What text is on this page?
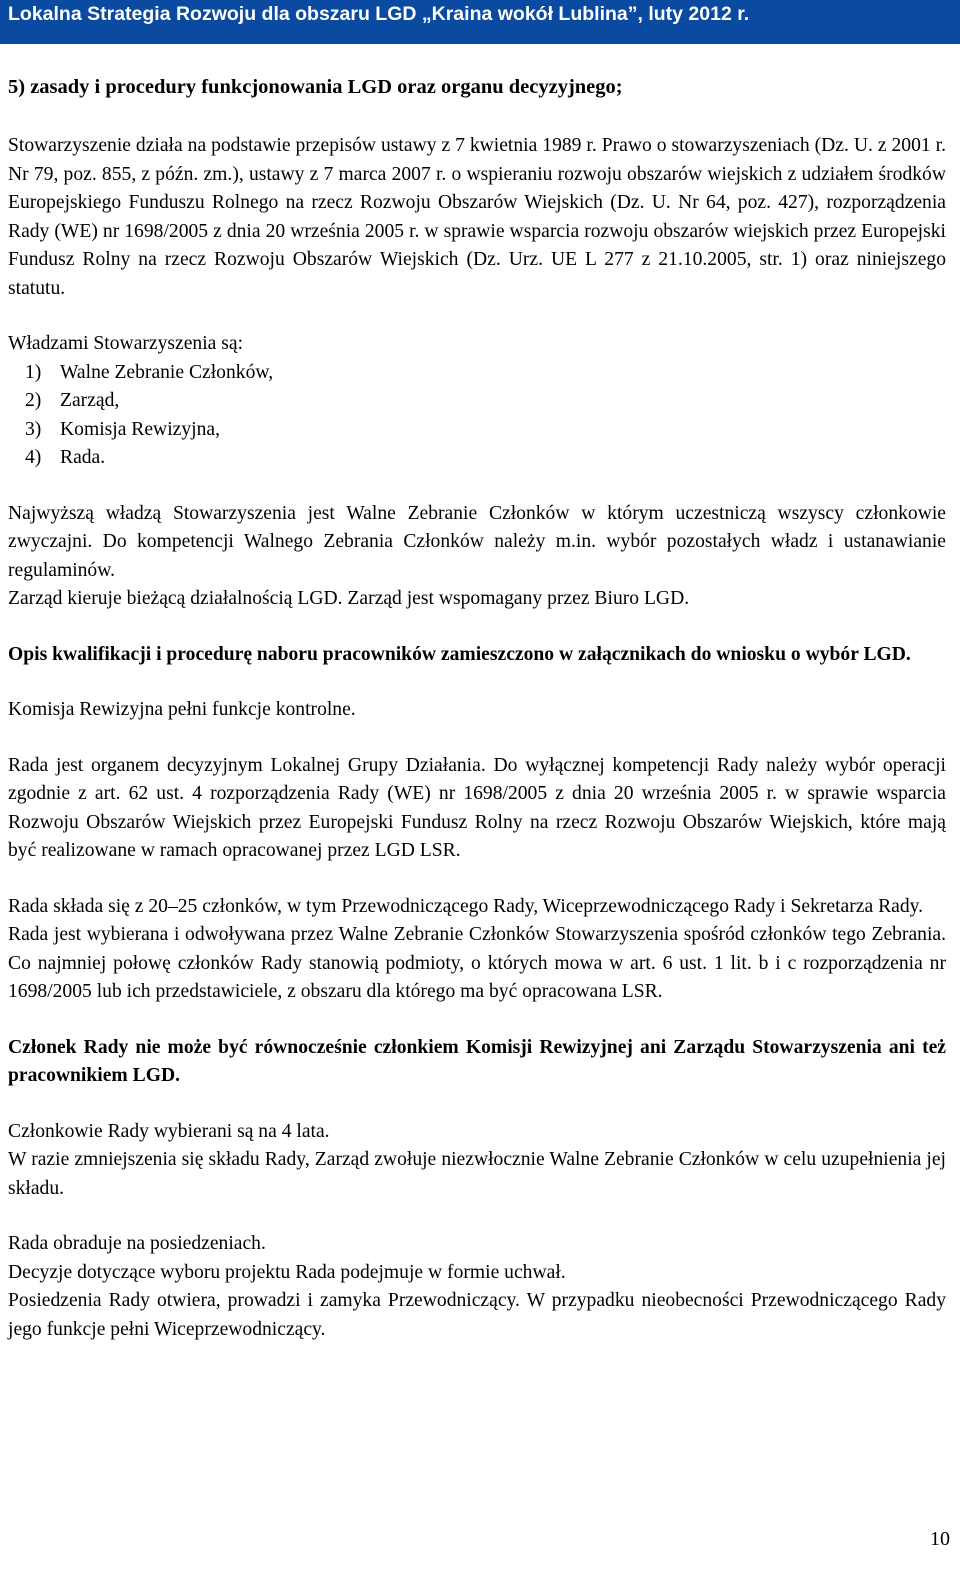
Lokalna Strategia Rozwoju dla obszaru LGD „Kraina wokół Lublina”, luty 2012 r.
5) zasady i procedury funkcjonowania LGD oraz organu decyzyjnego;

Stowarzyszenie działa na podstawie przepisów ustawy z 7 kwietnia 1989 r. Prawo o stowarzyszeniach (Dz. U. z 2001 r. Nr 79, poz. 855, z późn. zm.), ustawy z 7 marca 2007 r. o wspieraniu rozwoju obszarów wiejskich z udziałem środków Europejskiego Funduszu Rolnego na rzecz Rozwoju Obszarów Wiejskich (Dz. U. Nr 64, poz. 427), rozporządzenia Rady (WE) nr 1698/2005 z dnia 20 września 2005 r. w sprawie wsparcia rozwoju obszarów wiejskich przez Europejski Fundusz Rolny na rzecz Rozwoju Obszarów Wiejskich (Dz. Urz. UE L 277 z 21.10.2005, str. 1) oraz niniejszego statutu.

Władzami Stowarzyszenia są:

1) Walne Zebranie Członków,
2) Zarząd,
3) Komisja Rewizyjna,
4) Rada.

Najwyższą władzą Stowarzyszenia jest Walne Zebranie Członków w którym uczestniczą wszyscy członkowie zwyczajni. Do kompetencji Walnego Zebrania Członków należy m.in. wybór pozostałych władz i ustanawianie regulaminów.

Zarząd kieruje bieżącą działalnością LGD. Zarząd jest wspomagany przez Biuro LGD.

Opis kwalifikacji i procedurę naboru pracowników zamieszczono w załącznikach do wniosku o wybór LGD.

Komisja Rewizyjna pełni funkcje kontrolne.

Rada jest organem decyzyjnym Lokalnej Grupy Działania. Do wyłącznej kompetencji Rady należy wybór operacji zgodnie z art. 62 ust. 4 rozporządzenia Rady (WE) nr 1698/2005 z dnia 20 września 2005 r. w sprawie wsparcia Rozwoju Obszarów Wiejskich przez Europejski Fundusz Rolny na rzecz Rozwoju Obszarów Wiejskich, które mają być realizowane w ramach opracowanej przez LGD LSR.

Rada składa się z 20–25 członków, w tym Przewodniczącego Rady, Wiceprzewodniczącego Rady i Sekretarza Rady.

Rada jest wybierana i odwoływana przez Walne Zebranie Członków Stowarzyszenia spośród członków tego Zebrania. Co najmniej połowę członków Rady stanowią podmioty, o których mowa w art. 6 ust. 1 lit. b i c rozporządzenia nr 1698/2005 lub ich przedstawiciele, z obszaru dla którego ma być opracowana LSR.

Członek Rady nie może być równocześnie członkiem Komisji Rewizyjnej ani Zarządu Stowarzyszenia ani też pracownikiem LGD.

Członkowie Rady wybierani są na 4 lata.

W razie zmniejszenia się składu Rady, Zarząd zwołuje niezwłocznie Walne Zebranie Członków w celu uzupełnienia jej składu.

Rada obraduje na posiedzeniach.

Decyzje dotyczące wyboru projektu Rada podejmuje w formie uchwał.

Posiedzenia Rady otwiera, prowadzi i zamyka Przewodniczący. W przypadku nieobecności Przewodniczącego Rady jego funkcje pełni Wiceprzewodniczący.

10
